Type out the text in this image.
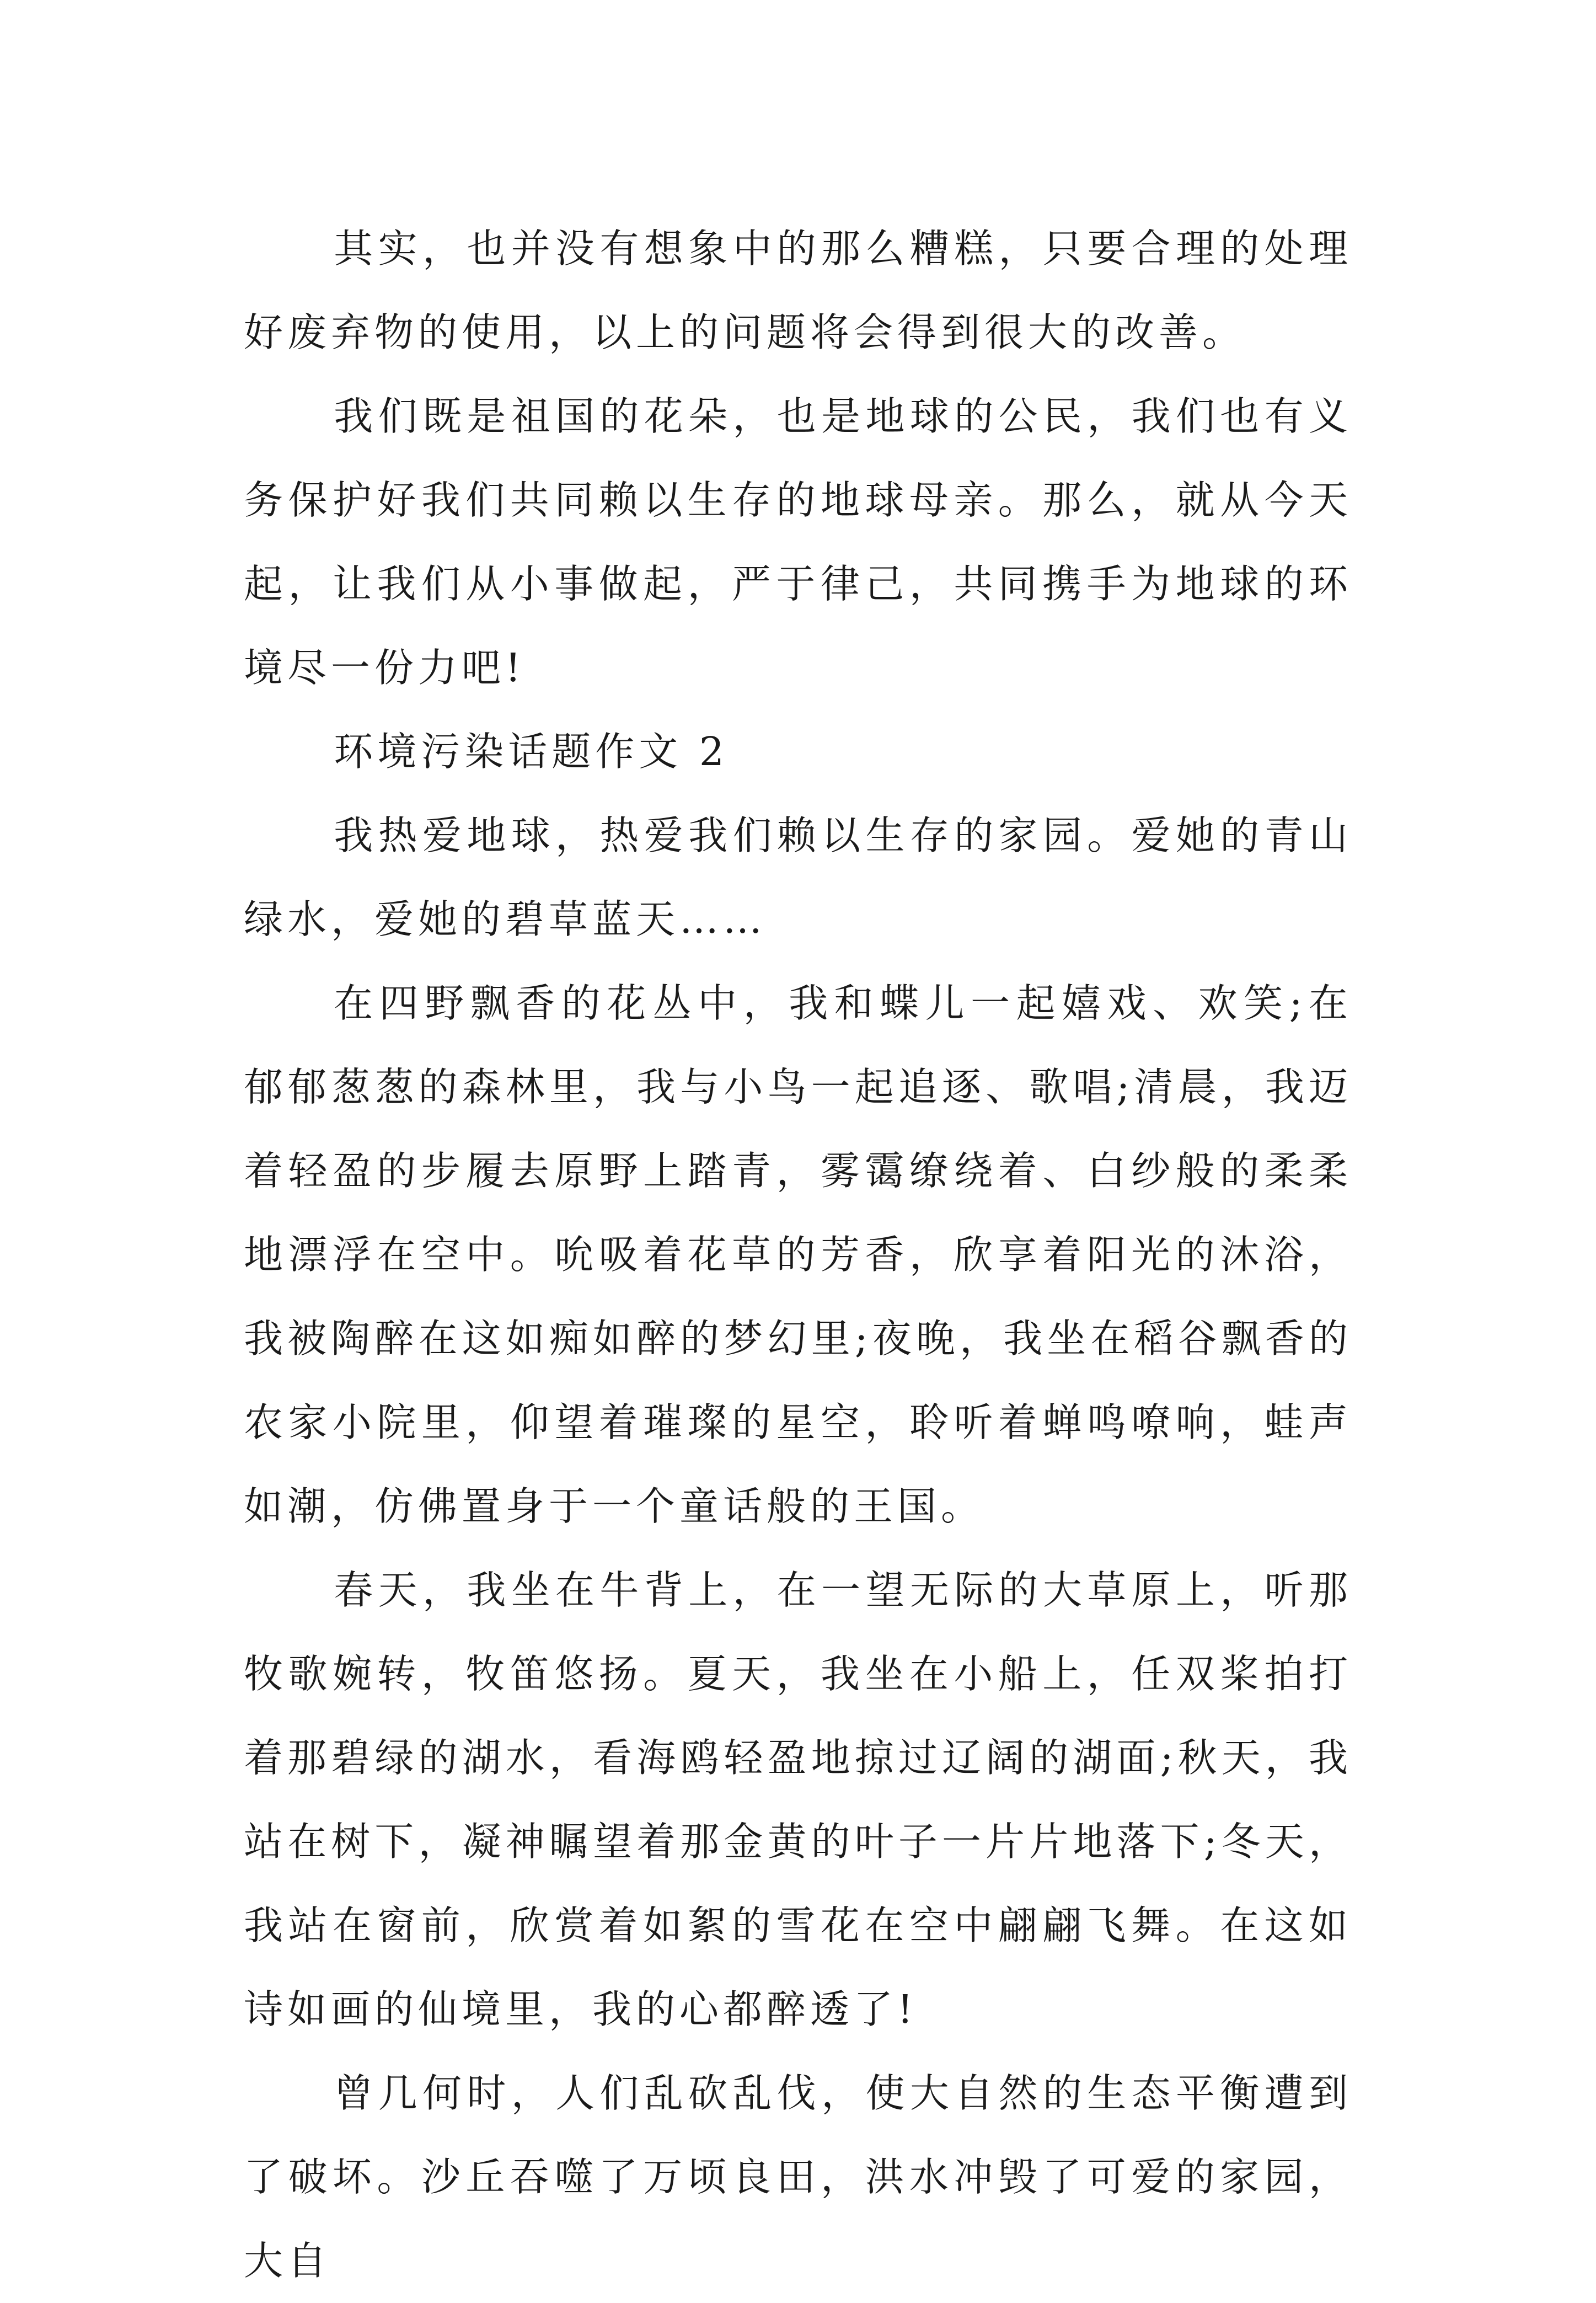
其实，也并没有想象中的那么糟糕，只要合理的处理好废弃物的使用，以上的问题将会得到很大的改善。

我们既是祖国的花朵，也是地球的公民，我们也有义务保护好我们共同赖以生存的地球母亲。那么，就从今天起，让我们从小事做起，严于律己，共同携手为地球的环境尽一份力吧!

环境污染话题作文 2

我热爱地球，热爱我们赖以生存的家园。爱她的青山绿水，爱她的碧草蓝天……

在四野飘香的花丛中，我和蝶儿一起嬉戏、欢笑;在郁郁葱葱的森林里，我与小鸟一起追逐、歌唱;清晨，我迈着轻盈的步履去原野上踏青，雾霭缭绕着、白纱般的柔柔地漂浮在空中。吮吸着花草的芳香，欣享着阳光的沐浴，我被陶醉在这如痴如醉的梦幻里;夜晚，我坐在稻谷飘香的农家小院里，仰望着璀璨的星空，聆听着蝉鸣嘹响，蛙声如潮，仿佛置身于一个童话般的王国。

春天，我坐在牛背上，在一望无际的大草原上，听那牧歌婉转，牧笛悠扬。夏天，我坐在小船上，任双桨拍打着那碧绿的湖水，看海鸥轻盈地掠过辽阔的湖面;秋天，我站在树下，凝神瞩望着那金黄的叶子一片片地落下;冬天，我站在窗前，欣赏着如絮的雪花在空中翩翩飞舞。在这如诗如画的仙境里，我的心都醉透了!

曾几何时，人们乱砍乱伐，使大自然的生态平衡遭到了破坏。沙丘吞噬了万顷良田，洪水冲毁了可爱的家园，大自
